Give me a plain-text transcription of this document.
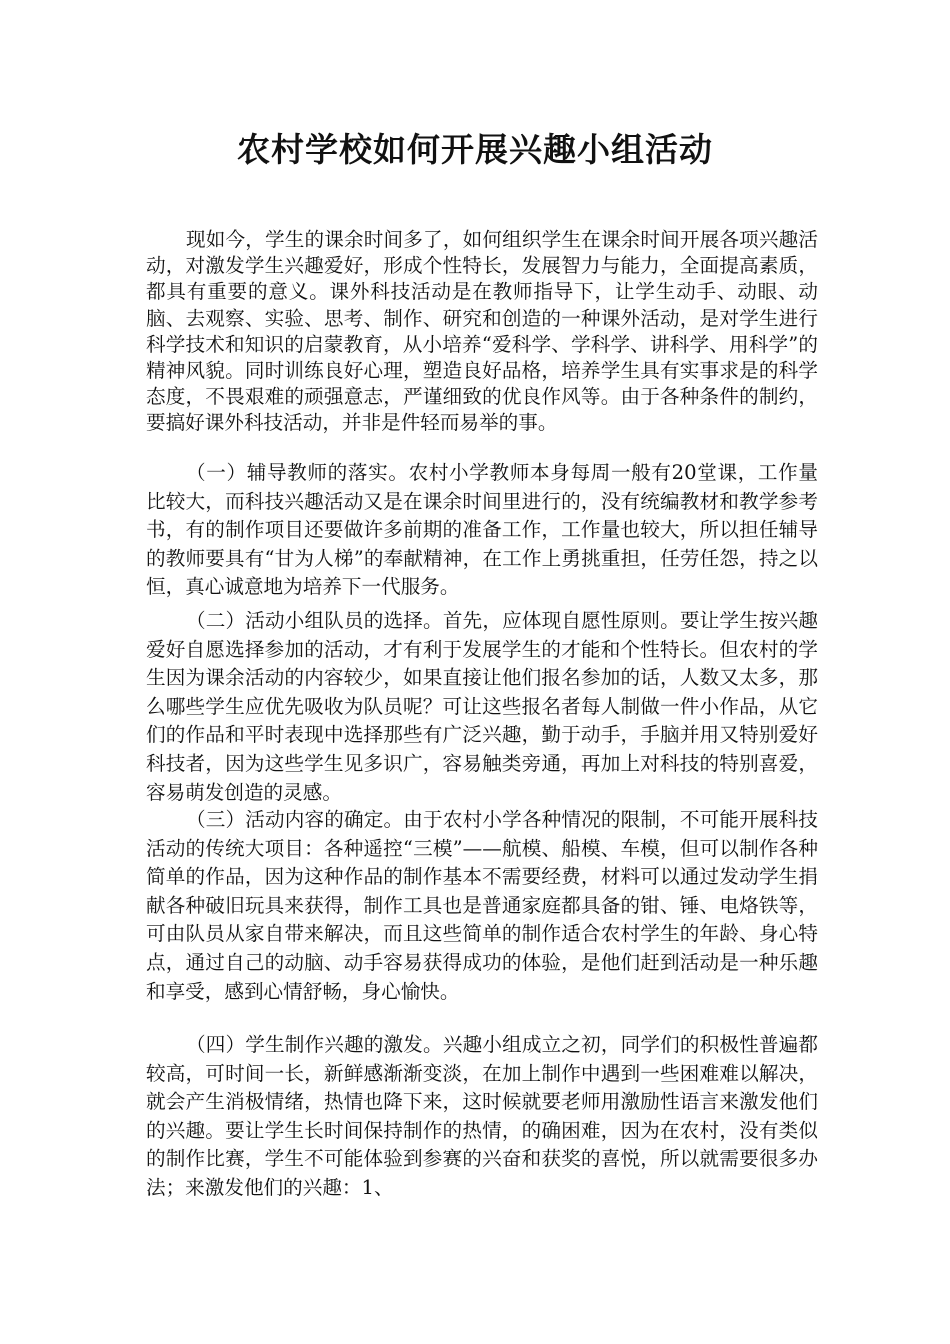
农村学校如何开展兴趣小组活动

现如今，学生的课余时间多了，如何组织学生在课余时间开展各项兴趣活动，对激发学生兴趣爱好，形成个性特长，发展智力与能力，全面提高素质，都具有重要的意义。课外科技活动是在教师指导下，让学生动手、动眼、动脑、去观察、实验、思考、制作、研究和创造的一种课外活动，是对学生进行科学技术和知识的启蒙教育，从小培养“爱科学、学科学、讲科学、用科学”的精神风貌。同时训练良好心理，塑造良好品格，培养学生具有实事求是的科学态度，不畏艰难的顽强意志，严谨细致的优良作风等。由于各种条件的制约，要搞好课外科技活动，并非是件轻而易举的事。

（一）辅导教师的落实。农村小学教师本身每周一般有20堂课，工作量比较大，而科技兴趣活动又是在课余时间里进行的，没有统编教材和教学参考书，有的制作项目还要做许多前期的准备工作，工作量也较大，所以担任辅导的教师要具有“甘为人梯”的奉献精神，在工作上勇挑重担，任劳任怨，持之以恒，真心诚意地为培养下一代服务。

（二）活动小组队员的选择。首先，应体现自愿性原则。要让学生按兴趣爱好自愿选择参加的活动，才有利于发展学生的才能和个性特长。但农村的学生因为课余活动的内容较少，如果直接让他们报名参加的话，人数又太多，那么哪些学生应优先吸收为队员呢？可让这些报名者每人制做一件小作品，从它们的作品和平时表现中选择那些有广泛兴趣，勤于动手，手脑并用又特别爱好科技者，因为这些学生见多识广，容易触类旁通，再加上对科技的特别喜爱，容易萌发创造的灵感。

（三）活动内容的确定。由于农村小学各种情况的限制，不可能开展科技活动的传统大项目：各种遥控“三模”——航模、船模、车模，但可以制作各种简单的作品，因为这种作品的制作基本不需要经费，材料可以通过发动学生捐献各种破旧玩具来获得，制作工具也是普通家庭都具备的钳、锤、电烙铁等，可由队员从家自带来解决，而且这些简单的制作适合农村学生的年龄、身心特点，通过自己的动脑、动手容易获得成功的体验，是他们赶到活动是一种乐趣和享受，感到心情舒畅，身心愉快。

（四）学生制作兴趣的激发。兴趣小组成立之初，同学们的积极性普遍都较高，可时间一长，新鲜感渐渐变淡，在加上制作中遇到一些困难难以解决，就会产生消极情绪，热情也降下来，这时候就要老师用激励性语言来激发他们的兴趣。要让学生长时间保持制作的热情，的确困难，因为在农村，没有类似的制作比赛，学生不可能体验到参赛的兴奋和获奖的喜悦，所以就需要很多办法；来激发他们的兴趣：1、
